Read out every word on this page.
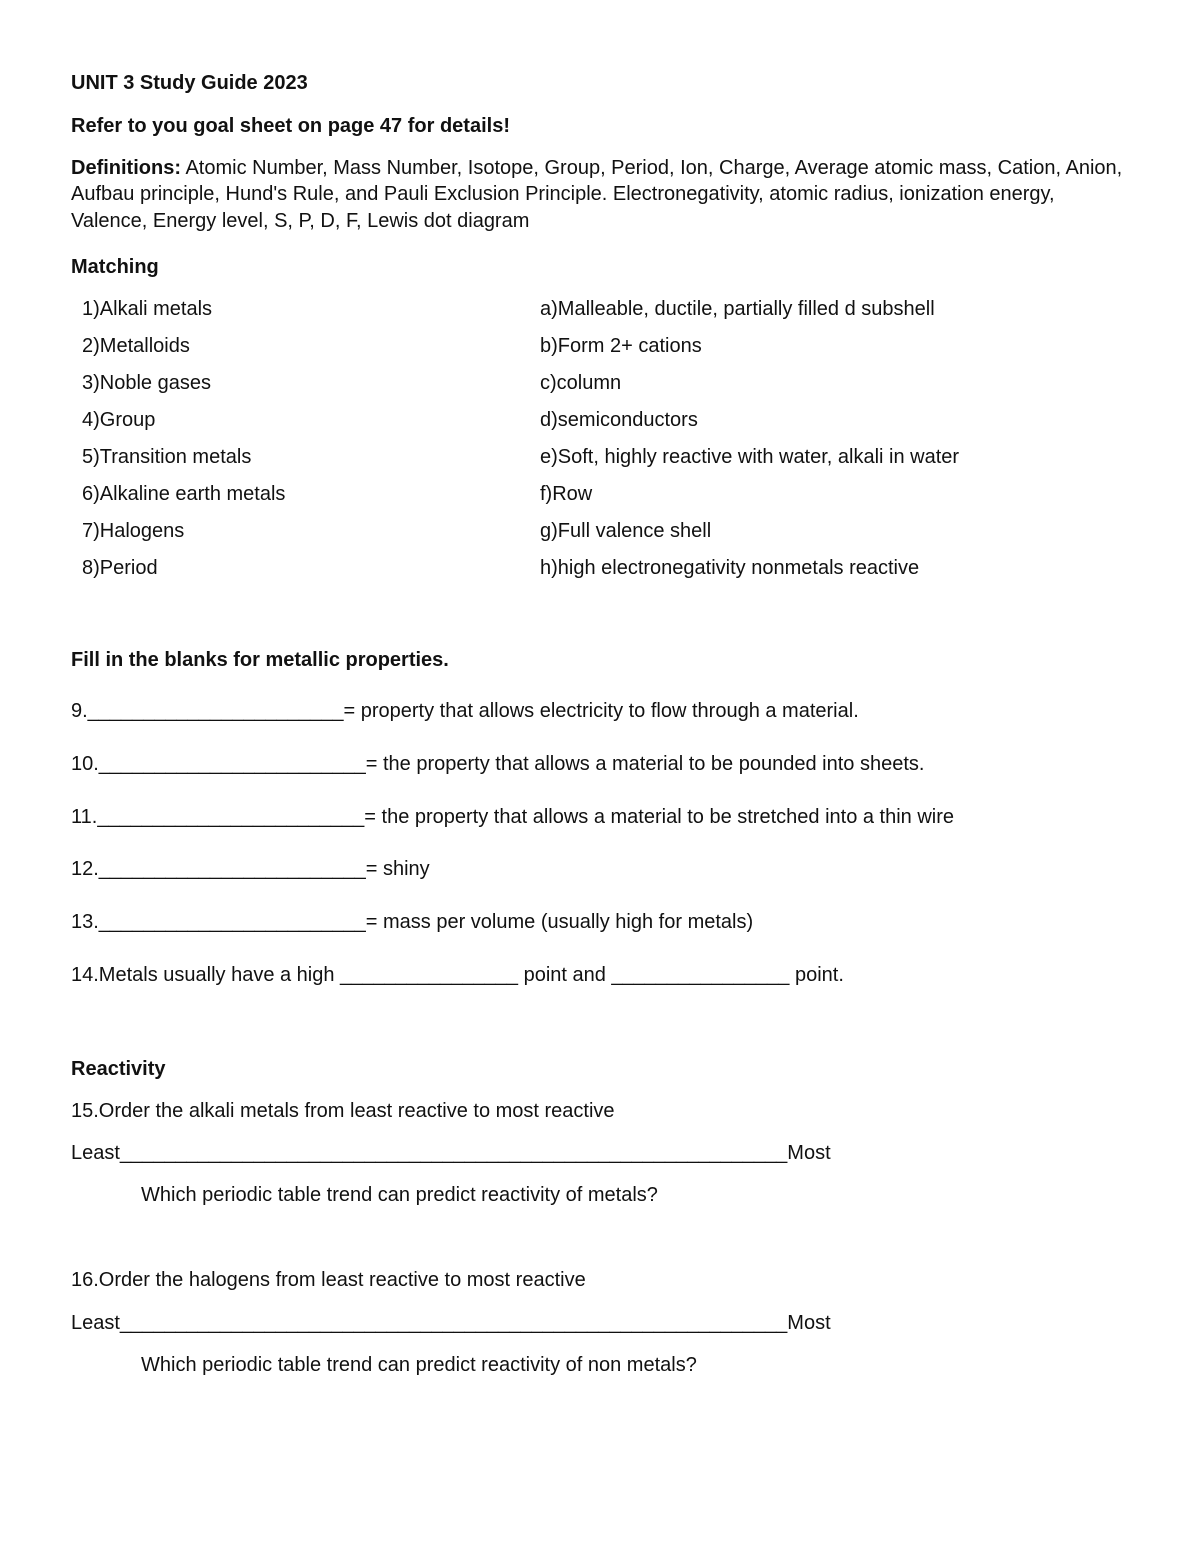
UNIT 3 Study Guide 2023

Refer to you goal sheet on page 47 for details!

Definitions: Atomic Number, Mass Number, Isotope, Group, Period, Ion, Charge, Average atomic mass, Cation, Anion, Aufbau principle, Hund's Rule, and Pauli Exclusion Principle. Electronegativity, atomic radius, ionization energy, Valence, Energy level, S, P, D, F, Lewis dot diagram

Matching

1)Alkali metals	a)Malleable, ductile, partially filled d subshell
2)Metalloids	b)Form 2+ cations
3)Noble gases	c)column
4)Group	d)semiconductors
5)Transition metals	e)Soft, highly reactive with water, alkali in water
6)Alkaline earth metals	f)Row
7)Halogens	g)Full valence shell
8)Period	h)high electronegativity nonmetals reactive

Fill in the blanks for metallic properties.

9._______________________= property that allows electricity to flow through a material.

10.________________________= the property that allows a material to be pounded into sheets.

11.________________________= the property that allows a material to be stretched into a thin wire

12.________________________= shiny

13.________________________= mass per volume (usually high for metals)

14.Metals usually have a high ________________ point and ________________ point.

Reactivity

15.Order the alkali metals from least reactive to most reactive

Least____________________________________________________________Most

Which periodic table trend can predict reactivity of metals?

16.Order the halogens from least reactive to most reactive

Least____________________________________________________________Most

Which periodic table trend can predict reactivity of non metals?
